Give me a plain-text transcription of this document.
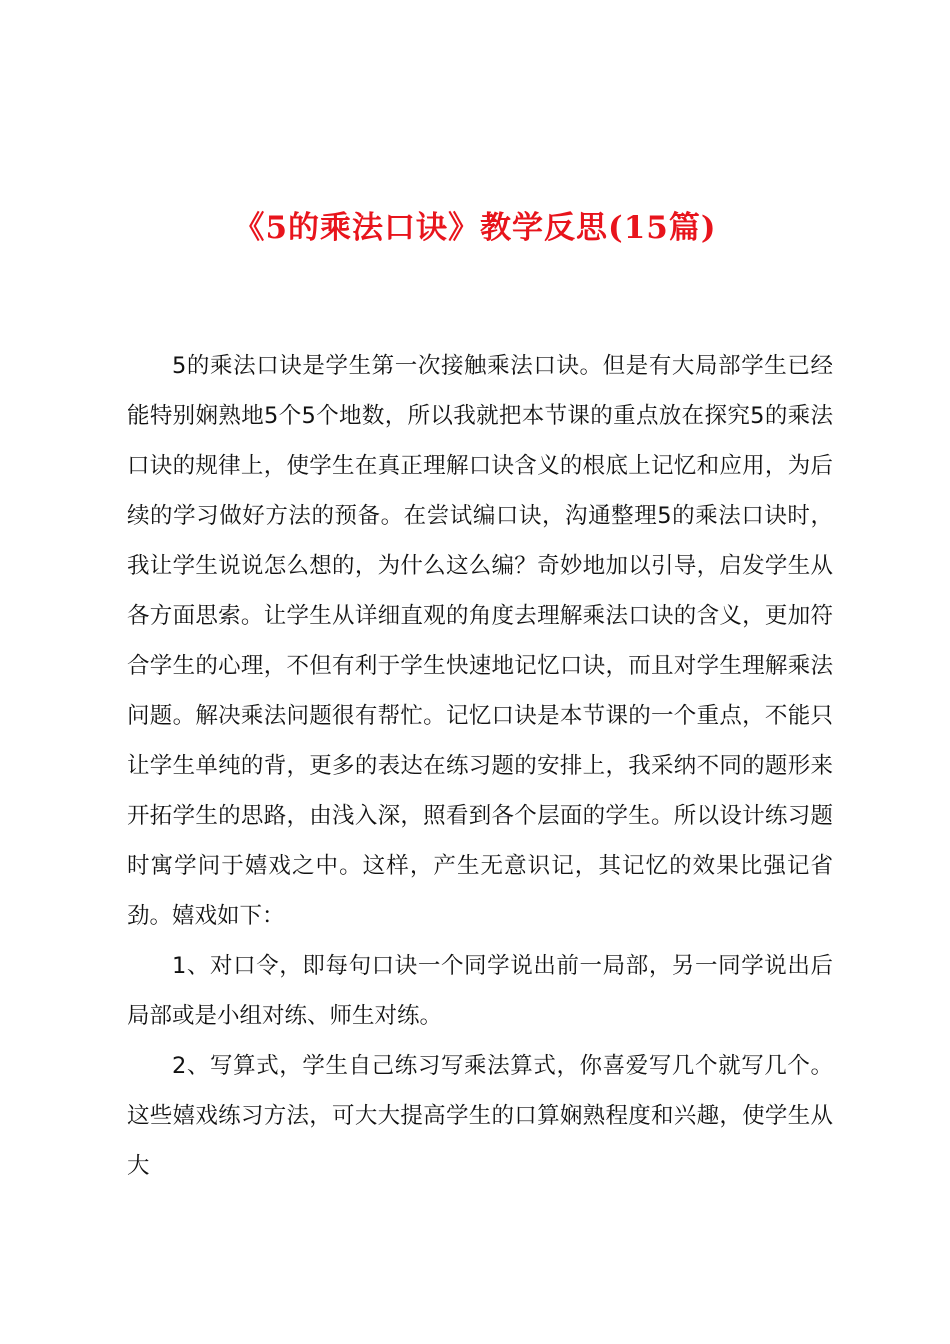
《5的乘法口诀》教学反思(15篇)

5的乘法口诀是学生第一次接触乘法口诀。但是有大局部学生已经能特别娴熟地5个5个地数，所以我就把本节课的重点放在探究5的乘法口诀的规律上，使学生在真正理解口诀含义的根底上记忆和应用，为后续的学习做好方法的预备。在尝试编口诀，沟通整理5的乘法口诀时，我让学生说说怎么想的，为什么这么编？奇妙地加以引导，启发学生从各方面思索。让学生从详细直观的角度去理解乘法口诀的含义，更加符合学生的心理，不但有利于学生快速地记忆口诀，而且对学生理解乘法问题。解决乘法问题很有帮忙。记忆口诀是本节课的一个重点，不能只让学生单纯的背，更多的表达在练习题的安排上，我采纳不同的题形来开拓学生的思路，由浅入深，照看到各个层面的学生。所以设计练习题时寓学问于嬉戏之中。这样，产生无意识记，其记忆的效果比强记省劲。嬉戏如下：

1、对口令，即每句口诀一个同学说出前一局部，另一同学说出后局部或是小组对练、师生对练。

2、写算式，学生自己练习写乘法算式，你喜爱写几个就写几个。这些嬉戏练习方法，可大大提高学生的口算娴熟程度和兴趣，使学生从大
